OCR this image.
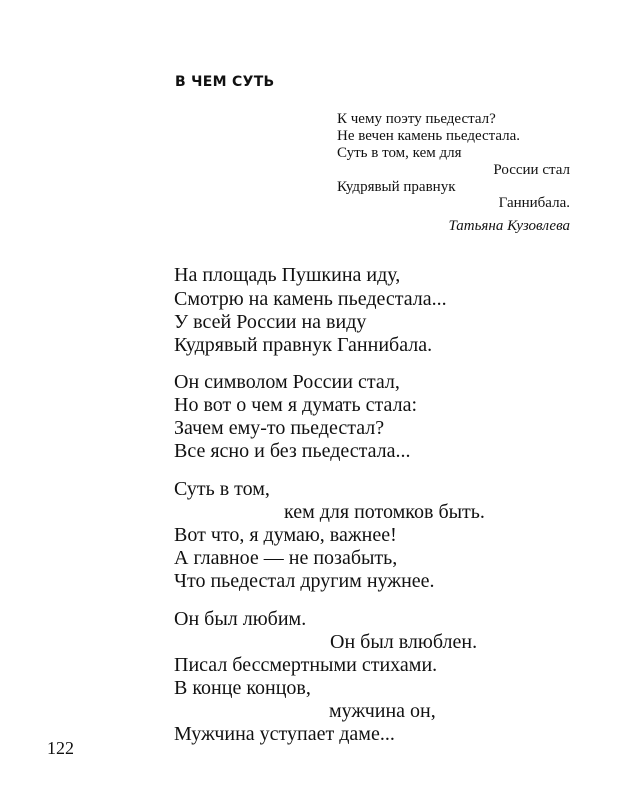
В ЧЕМ СУТЬ
К чему поэту пьедестал?
Не вечен камень пьедестала.
Суть в том, кем для
России стал
Кудрявый правнук
Ганнибала.
Татьяна Кузовлева
На площадь Пушкина иду,
Смотрю на камень пьедестала...
У всей России на виду
Кудрявый правнук Ганнибала.
Он символом России стал,
Но вот о чем я думать стала:
Зачем ему-то пьедестал?
Все ясно и без пьедестала...
Суть в том,
кем для потомков быть.
Вот что, я думаю, важнее!
А главное — не позабыть,
Что пьедестал другим нужнее.
Он был любим.
Он был влюблен.
Писал бессмертными стихами.
В конце концов,
мужчина он,
Мужчина уступает даме...
122
